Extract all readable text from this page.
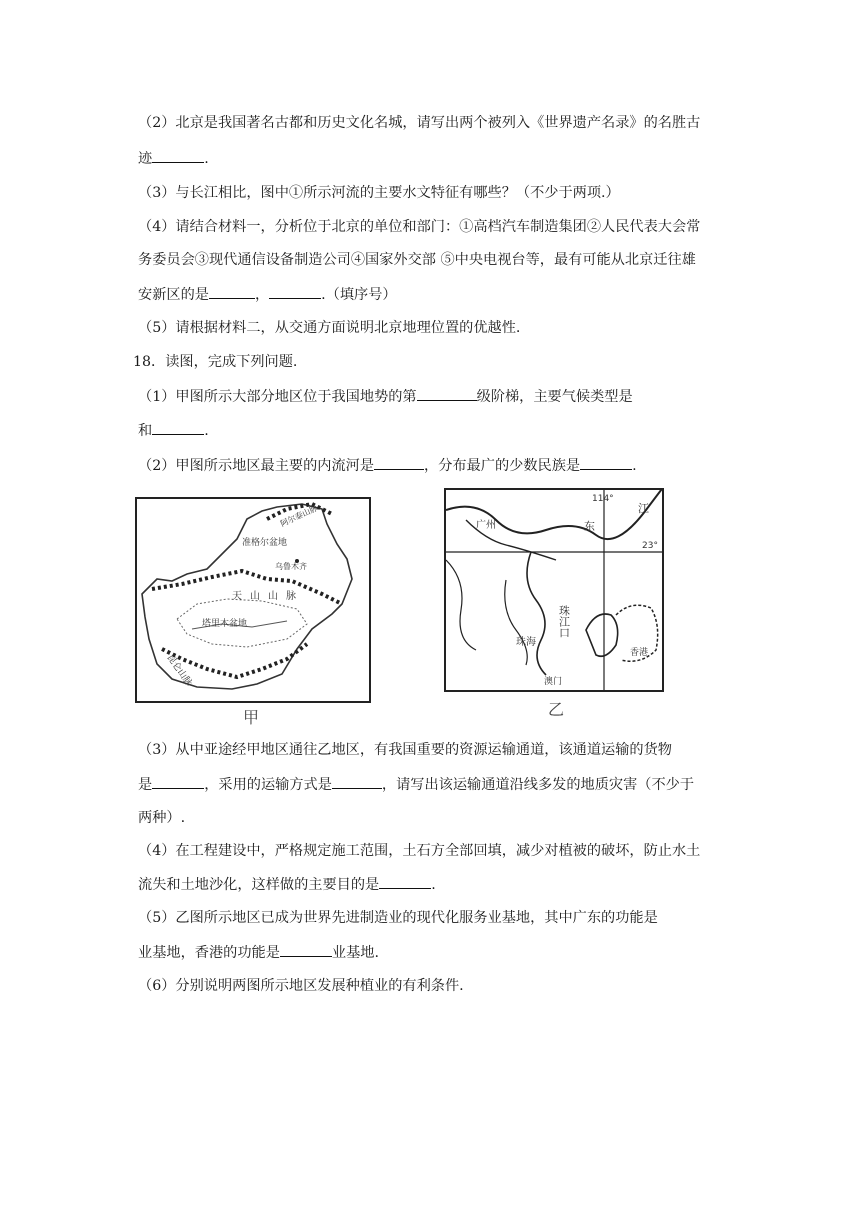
（2）北京是我国著名古都和历史文化名城，请写出两个被列入《世界遗产名录》的名胜古
迹	.
（3）与长江相比，图中①所示河流的主要水文特征有哪些？（不少于两项.）
（4）请结合材料一，分析位于北京的单位和部门：①高档汽车制造集团②人民代表大会常
务委员会③现代通信设备制造公司④国家外交部 ⑤中央电视台等，最有可能从北京迁往雄
安新区的是	，	.（填序号）
（5）请根据材料二，从交通方面说明北京地理位置的优越性.
18．读图，完成下列问题.
（1）甲图所示大部分地区位于我国地势的第	级阶梯，主要气候类型是
和	.
（2）甲图所示地区最主要的内流河是	，分布最广的少数民族是	.
阿尔泰山脉
准格尔盆地
乌鲁木齐
天山山脉
塔里木盆地
昆仑山脉
甲
114°
23°
广州	东
江
珠江口
珠海
香港
澳门
乙
（3）从中亚途经甲地区通往乙地区，有我国重要的资源运输通道，该通道运输的货物
是	，采用的运输方式是	，请写出该运输通道沿线多发的地质灾害（不少于
两种）.
（4）在工程建设中，严格规定施工范围，土石方全部回填，减少对植被的破坏，防止水土
流失和土地沙化，这样做的主要目的是	.
（5）乙图所示地区已成为世界先进制造业的现代化服务业基地，其中广东的功能是
业基地，香港的功能是	业基地.
（6）分别说明两图所示地区发展种植业的有利条件.
